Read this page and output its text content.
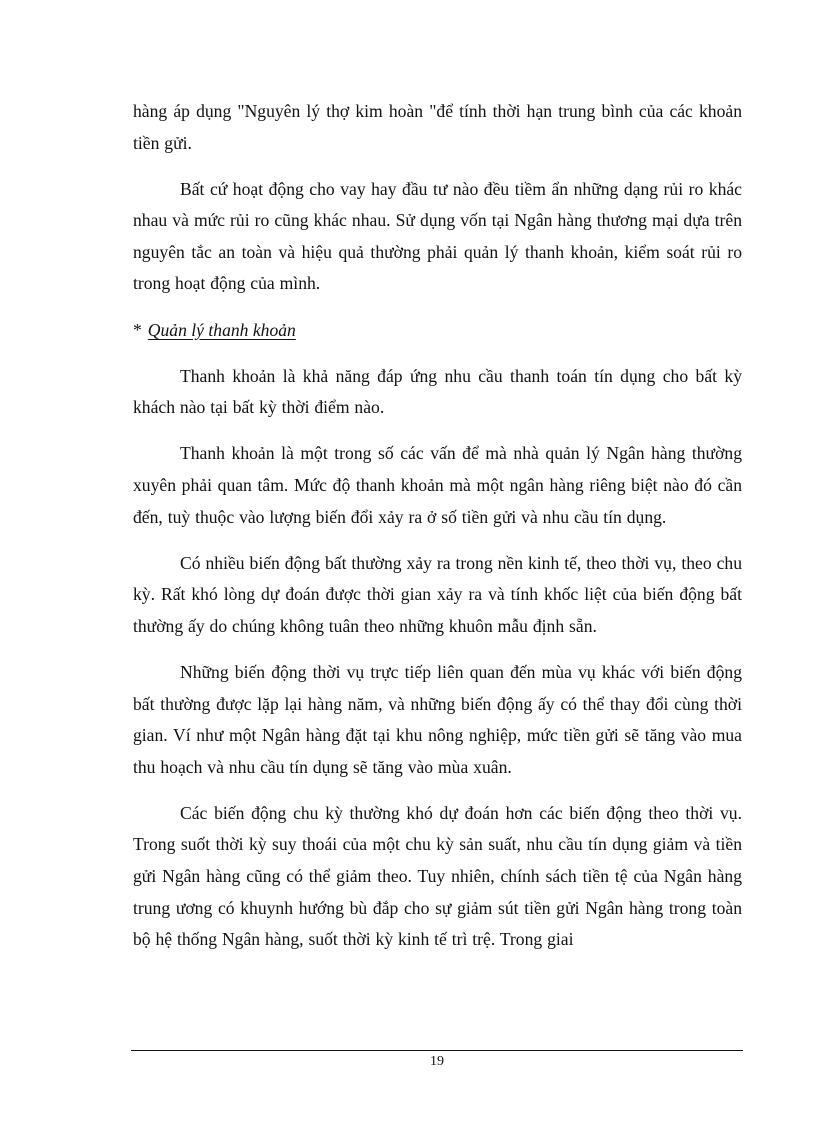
hàng áp dụng "Nguyên lý thợ kim hoàn "để tính thời hạn trung bình của các khoản tiền gửi.

Bất cứ hoạt động cho vay hay đầu tư nào đều tiềm ẩn những dạng rủi ro khác nhau và mức rủi ro cũng khác nhau. Sử dụng vốn tại Ngân hàng thương mại dựa trên nguyên tắc an toàn và hiệu quả thường phải quản lý thanh khoản, kiểm soát rủi ro trong hoạt động của mình.

* Quản lý thanh khoản

Thanh khoản là khả năng đáp ứng nhu cầu thanh toán tín dụng cho bất kỳ khách nào tại bất kỳ thời điểm nào.

Thanh khoản là một trong số các vấn để mà nhà quản lý Ngân hàng thường xuyên phải quan tâm. Mức độ thanh khoản mà một ngân hàng riêng biệt nào đó cần đến, tuỳ thuộc vào lượng biến đổi xảy ra ở số tiền gửi và nhu cầu tín dụng.

Có nhiều biến động bất thường xảy ra trong nền kinh tế, theo thời vụ, theo chu kỳ. Rất khó lòng dự đoán được thời gian xảy ra và tính khốc liệt của biến động bất thường ấy do chúng không tuân theo những khuôn mẫu định sẵn.

Những biến động thời vụ trực tiếp liên quan đến mùa vụ khác với biến động bất thường được lặp lại hàng năm, và những biến động ấy có thể thay đổi cùng thời gian. Ví như một Ngân hàng đặt tại khu nông nghiệp, mức tiền gửi sẽ tăng vào mua thu hoạch và nhu cầu tín dụng sẽ tăng vào mùa xuân.

Các biến động chu kỳ thường khó dự đoán hơn các biến động theo thời vụ. Trong suốt thời kỳ suy thoái của một chu kỳ sản suất, nhu cầu tín dụng giảm và tiền gửi Ngân hàng cũng có thể giảm theo. Tuy nhiên, chính sách tiền tệ của Ngân hàng trung ương có khuynh hướng bù đắp cho sự giảm sút tiền gửi Ngân hàng trong toàn bộ hệ thống Ngân hàng, suốt thời kỳ kinh tế trì trệ. Trong giai

19
